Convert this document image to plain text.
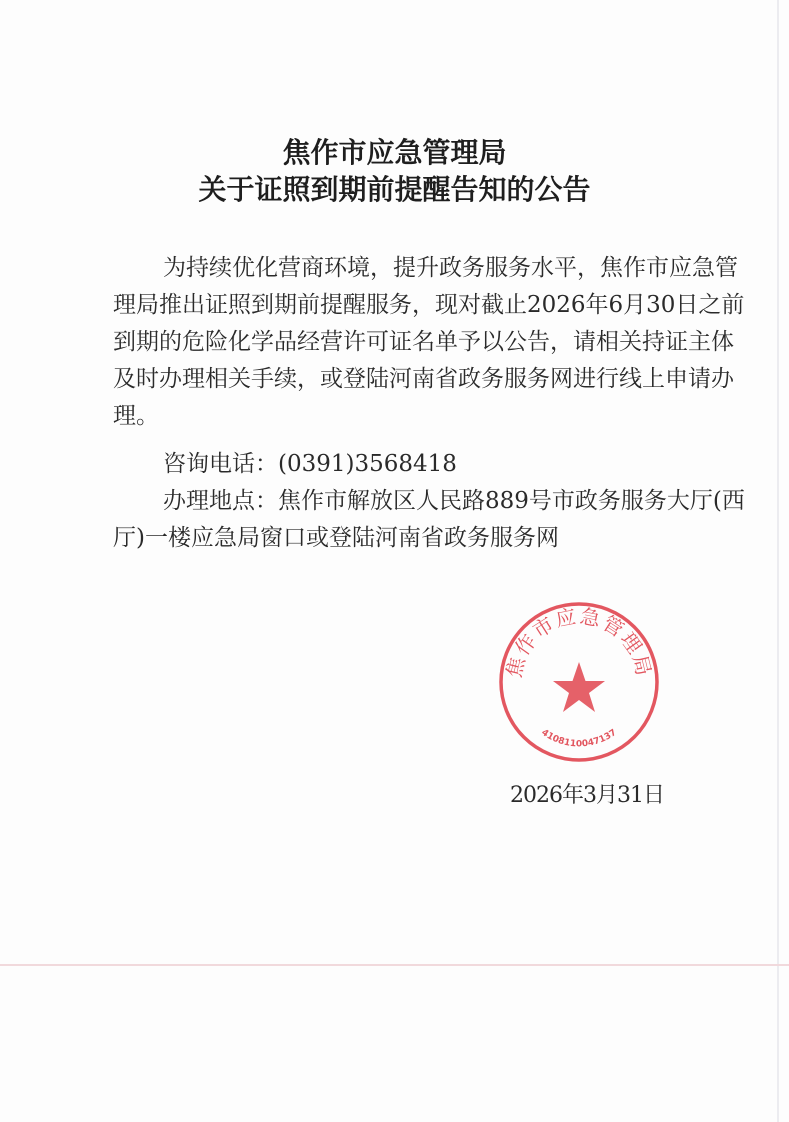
焦作市应急管理局
关于证照到期前提醒告知的公告
为持续优化营商环境，提升政务服务水平，焦作市应急管
理局推出证照到期前提醒服务，现对截止2026年6月30日之前
到期的危险化学品经营许可证名单予以公告，请相关持证主体
及时办理相关手续，或登陆河南省政务服务网进行线上申请办
理。
咨询电话：(0391)3568418
办理地点：焦作市解放区人民路889号市政务服务大厅(西
厅)一楼应急局窗口或登陆河南省政务服务网
焦作市应急管理局
4108110047137
2026年3月31日
